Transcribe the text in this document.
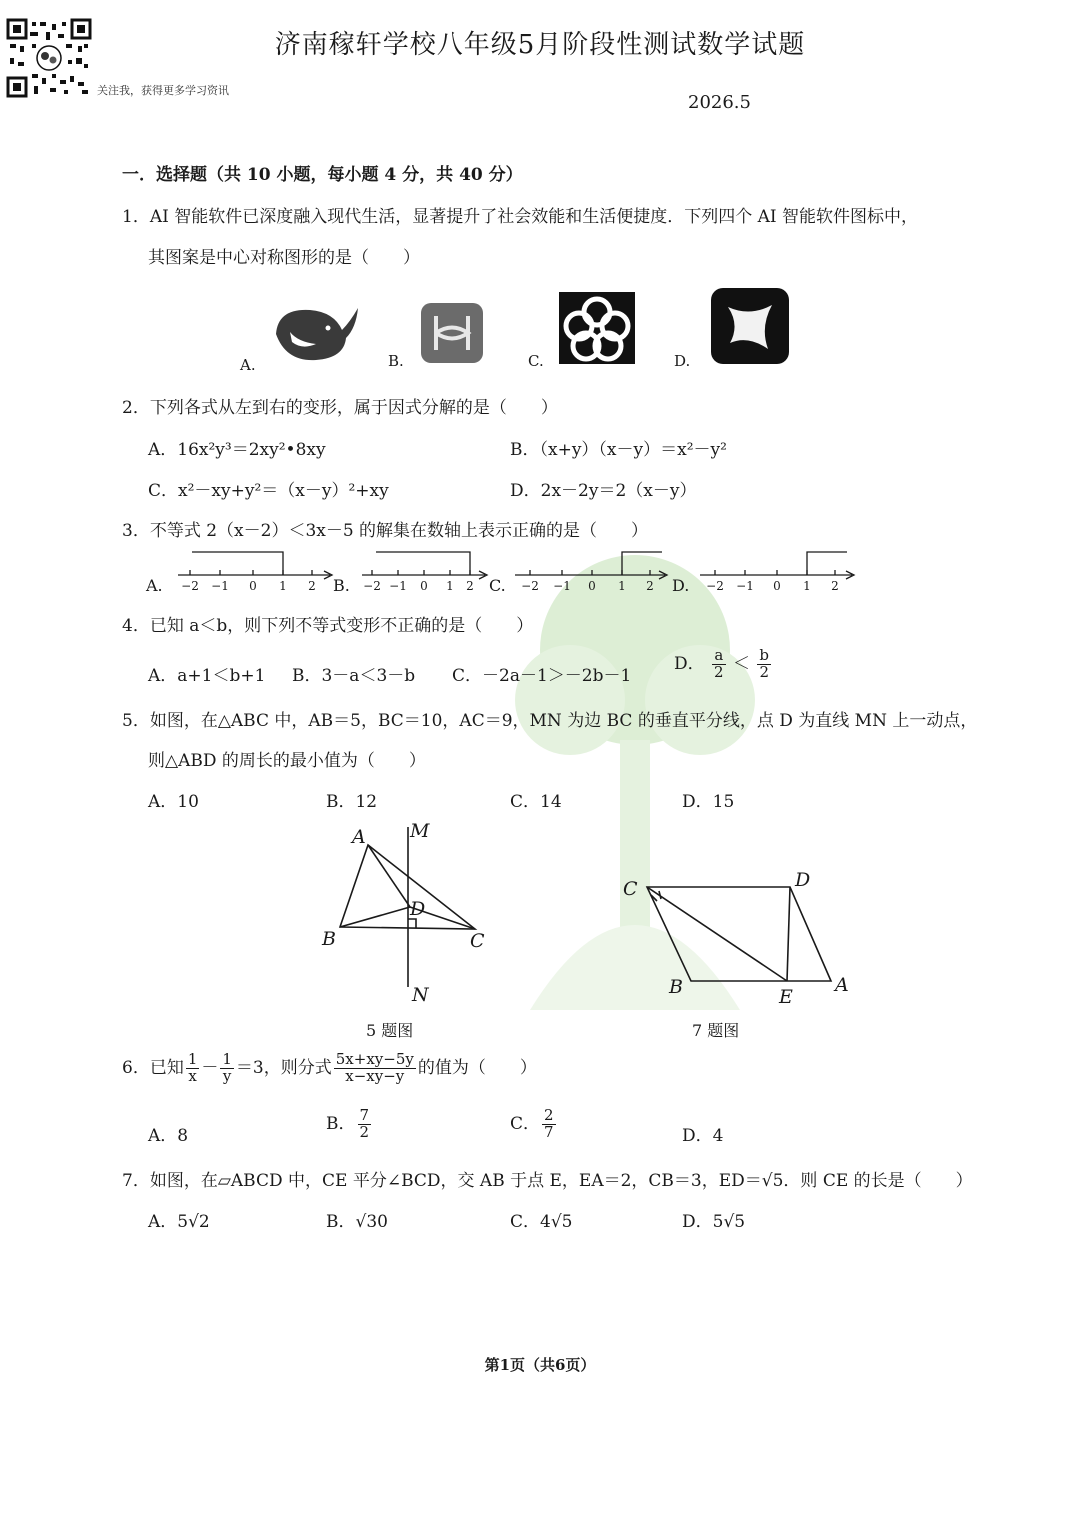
关注我，获得更多学习资讯
济南稼轩学校八年级5月阶段性测试数学试题
2026.5
一．选择题（共 10 小题，每小题 4 分，共 40 分）
1．AI 智能软件已深度融入现代生活，显著提升了社会效能和生活便捷度．下列四个 AI 智能软件图标中，
其图案是中心对称图形的是（　　）
A.	B.	C.	D.
2．下列各式从左到右的变形，属于因式分解的是（　　）
A．16x²y³＝2xy²•8xy	B．（x+y）（x－y）＝x²－y²
C．x²－xy+y²＝（x－y）²+xy	D．2x－2y＝2（x－y）
3．不等式 2（x－2）＜3x－5 的解集在数轴上表示正确的是（　　）
A.	B.	C.	D.
−2 −1 0 1 2	−2 −1 0 1 2	−2 −1 0 1 2	−2 −1 0 1 2
4．已知 a＜b，则下列不等式变形不正确的是（　　）
A．a+1＜b+1 B．3－a＜3－b C．－2a－1＞－2b－1
D． $\frac{a}{2} < \frac{b}{2}$
5．如图，在△ABC 中，AB＝5，BC＝10，AC＝9，MN 为边 BC 的垂直平分线，点 D 为直线 MN 上一动点，
则△ABD 的周长的最小值为（　　）
A．10	B．12	C．14	D．15
A
B	C
D
M
N
5 题图
C	D
A
B	E
7 题图
6．已知 $\frac{1}{x} - \frac{1}{y} =3$，则分式 $\frac{5x+xy-5y}{x-xy-y}$ 的值为（　　）
A．8
B． $\frac{7}{2}$	C． $\frac{2}{7}$	D．4
7．如图，在▱ABCD 中，CE 平分∠BCD，交 AB 于点 E，EA＝2，CB＝3，ED＝√5．则 CE 的长是（　　）
A．5√2	B．√30	C．4√5	D．5√5
第1页（共6页）
